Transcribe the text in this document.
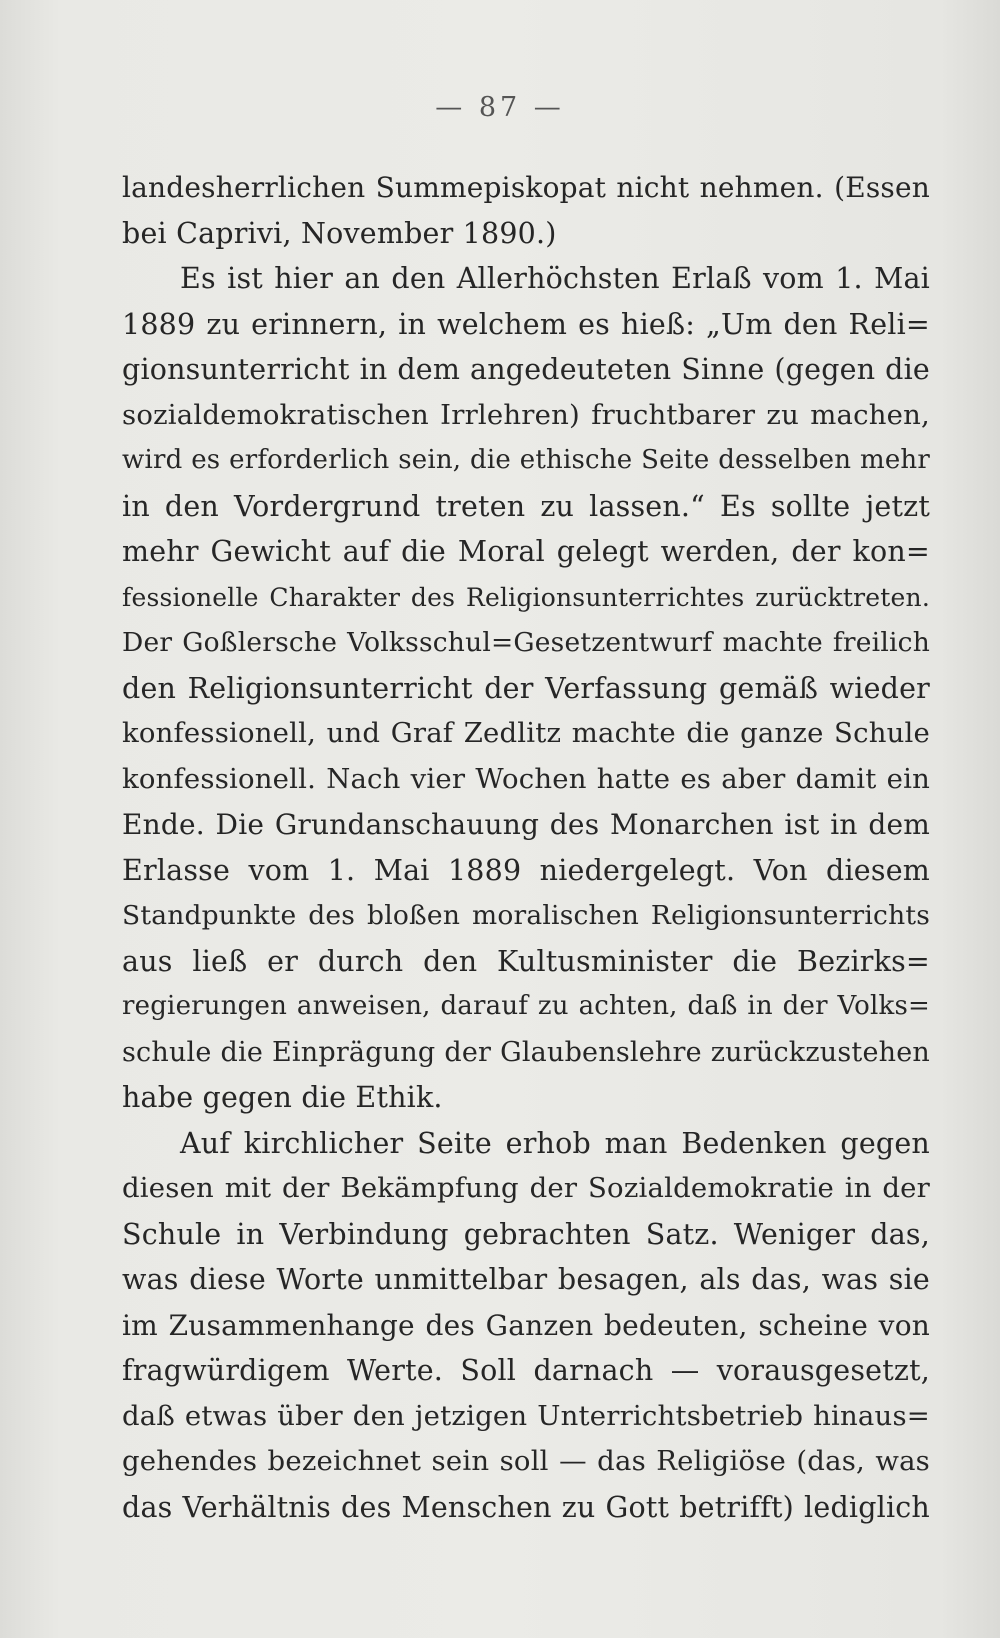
— 87 —
landesherrlichen Summepiskopat nicht nehmen. (Essen
bei Caprivi, November 1890.)
Es ist hier an den Allerhöchsten Erlaß vom 1. Mai
1889 zu erinnern, in welchem es hieß: „Um den Reli=
gionsunterricht in dem angedeuteten Sinne (gegen die
sozialdemokratischen Irrlehren) fruchtbarer zu machen,
wird es erforderlich sein, die ethische Seite desselben mehr
in den Vordergrund treten zu lassen.“ Es sollte jetzt
mehr Gewicht auf die Moral gelegt werden, der kon=
fessionelle Charakter des Religionsunterrichtes zurücktreten.
Der Goßlersche Volksschul=Gesetzentwurf machte freilich
den Religionsunterricht der Verfassung gemäß wieder
konfessionell, und Graf Zedlitz machte die ganze Schule
konfessionell. Nach vier Wochen hatte es aber damit ein
Ende. Die Grundanschauung des Monarchen ist in dem
Erlasse vom 1. Mai 1889 niedergelegt. Von diesem
Standpunkte des bloßen moralischen Religionsunterrichts
aus ließ er durch den Kultusminister die Bezirks=
regierungen anweisen, darauf zu achten, daß in der Volks=
schule die Einprägung der Glaubenslehre zurückzustehen
habe gegen die Ethik.
Auf kirchlicher Seite erhob man Bedenken gegen
diesen mit der Bekämpfung der Sozialdemokratie in der
Schule in Verbindung gebrachten Satz. Weniger das,
was diese Worte unmittelbar besagen, als das, was sie
im Zusammenhange des Ganzen bedeuten, scheine von
fragwürdigem Werte. Soll darnach — vorausgesetzt,
daß etwas über den jetzigen Unterrichtsbetrieb hinaus=
gehendes bezeichnet sein soll — das Religiöse (das, was
das Verhältnis des Menschen zu Gott betrifft) lediglich
